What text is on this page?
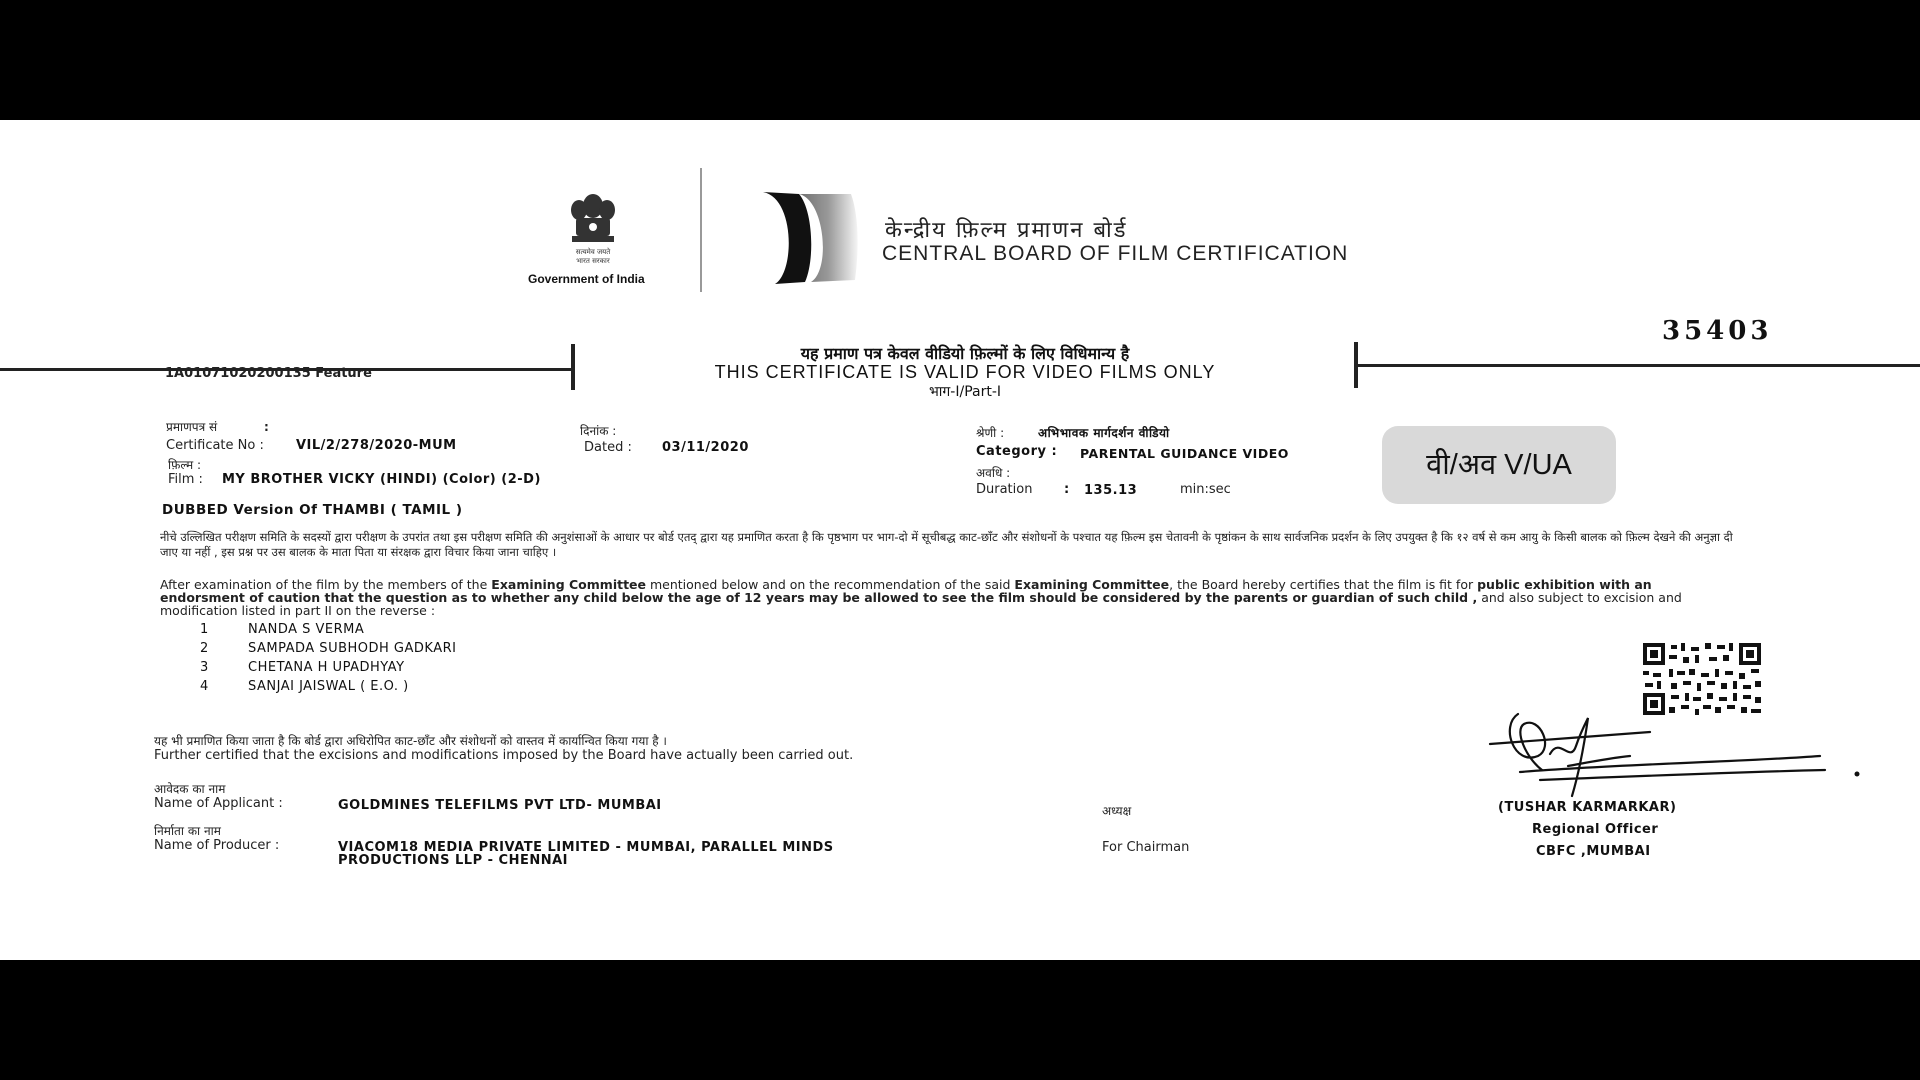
सत्यमेव जयते
भारत सरकार
Government of India
केन्द्रीय फ़िल्म प्रमाणन बोर्ड
CENTRAL BOARD OF FILM CERTIFICATION
35403
1A01071020200135 Feature
यह प्रमाण पत्र केवल वीडियो फ़िल्मों के लिए विधिमान्य है
THIS CERTIFICATE IS VALID FOR VIDEO FILMS ONLY
भाग-I/Part-I
प्रमाणपत्र सं	:
Certificate No : VIL/2/278/2020-MUM
दिनांक :
Dated : 03/11/2020
फ़िल्म :
Film : MY BROTHER VICKY (HINDI) (Color) (2-D)
DUBBED Version Of THAMBI ( TAMIL )
श्रेणी :	अभिभावक मार्गदर्शन वीडियो
Category : PARENTAL GUIDANCE VIDEO
अवधि :
Duration : 135.13	min:sec
वी/अव V/UA
नीचे उल्लिखित परीक्षण समिति के सदस्यों द्वारा परीक्षण के उपरांत तथा इस परीक्षण समिति की अनुशंसाओं के आधार पर बोर्ड एतद् द्वारा यह प्रमाणित करता है कि पृष्ठभाग पर भाग-दो में सूचीबद्ध काट-छाँट और संशोधनों के पश्चात यह फ़िल्म इस चेतावनी के पृष्ठांकन के साथ सार्वजनिक प्रदर्शन के लिए उपयुक्त है कि १२ वर्ष से कम आयु के किसी बालक को फ़िल्म देखने की अनुज्ञा दी जाए या नहीं , इस प्रश्न पर उस बालक के माता पिता या संरक्षक द्वारा विचार किया जाना चाहिए ।
After examination of the film by the members of the Examining Committee mentioned below and on the recommendation of the said Examining Committee, the Board hereby certifies that the film is fit for public exhibition with an endorsment of caution that the question as to whether any child below the age of 12 years may be allowed to see the film should be considered by the parents or guardian of such child , and also subject to excision and modification listed in part II on the reverse :
1	NANDA S VERMA
2	SAMPADA SUBHODH GADKARI
3	CHETANA H UPADHYAY
4	SANJAI JAISWAL ( E.O. )
यह भी प्रमाणित किया जाता है कि बोर्ड द्वारा अधिरोपित काट-छाँट और संशोधनों को वास्तव में कार्यान्वित किया गया है ।
Further certified that the excisions and modifications imposed by the Board have actually been carried out.
आवेदक का नाम
Name of Applicant :	GOLDMINES TELEFILMS PVT LTD- MUMBAI
निर्माता का नाम
Name of Producer :	VIACOM18 MEDIA PRIVATE LIMITED - MUMBAI, PARALLEL MINDS
PRODUCTIONS LLP - CHENNAI
अध्यक्ष
For Chairman
(TUSHAR KARMARKAR)
Regional Officer
CBFC ,MUMBAI
